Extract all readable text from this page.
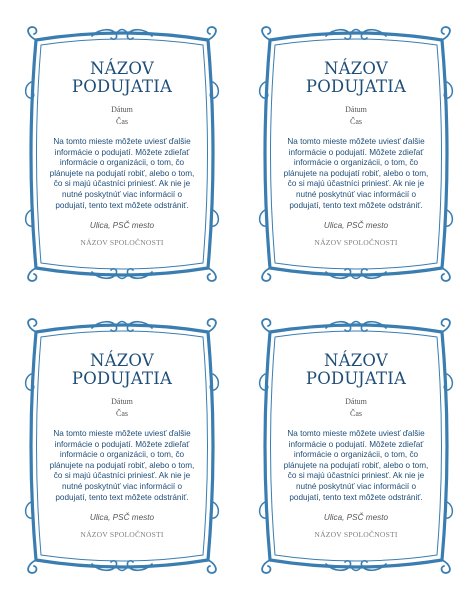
NÁZOV
PODUJATIA
Dátum
Čas
Na tomto mieste môžete uviesť ďalšie informácie o podujatí. Môžete zdieľať informácie o organizácii, o tom, čo plánujete na podujatí robiť, alebo o tom, čo si majú účastníci priniesť. Ak nie je nutné poskytnúť viac informácií o podujatí, tento text môžete odstrániť.
Ulica, PSČ mesto
NÁZOV SPOLOČNOSTI
NÁZOV
PODUJATIA
Dátum
Čas
Na tomto mieste môžete uviesť ďalšie informácie o podujatí. Môžete zdieľať informácie o organizácii, o tom, čo plánujete na podujatí robiť, alebo o tom, čo si majú účastníci priniesť. Ak nie je nutné poskytnúť viac informácií o podujatí, tento text môžete odstrániť.
Ulica, PSČ mesto
NÁZOV SPOLOČNOSTI
NÁZOV
PODUJATIA
Dátum
Čas
Na tomto mieste môžete uviesť ďalšie informácie o podujatí. Môžete zdieľať informácie o organizácii, o tom, čo plánujete na podujatí robiť, alebo o tom, čo si majú účastníci priniesť. Ak nie je nutné poskytnúť viac informácií o podujatí, tento text môžete odstrániť.
Ulica, PSČ mesto
NÁZOV SPOLOČNOSTI
NÁZOV
PODUJATIA
Dátum
Čas
Na tomto mieste môžete uviesť ďalšie informácie o podujatí. Môžete zdieľať informácie o organizácii, o tom, čo plánujete na podujatí robiť, alebo o tom, čo si majú účastníci priniesť. Ak nie je nutné poskytnúť viac informácií o podujatí, tento text môžete odstrániť.
Ulica, PSČ mesto
NÁZOV SPOLOČNOSTI
